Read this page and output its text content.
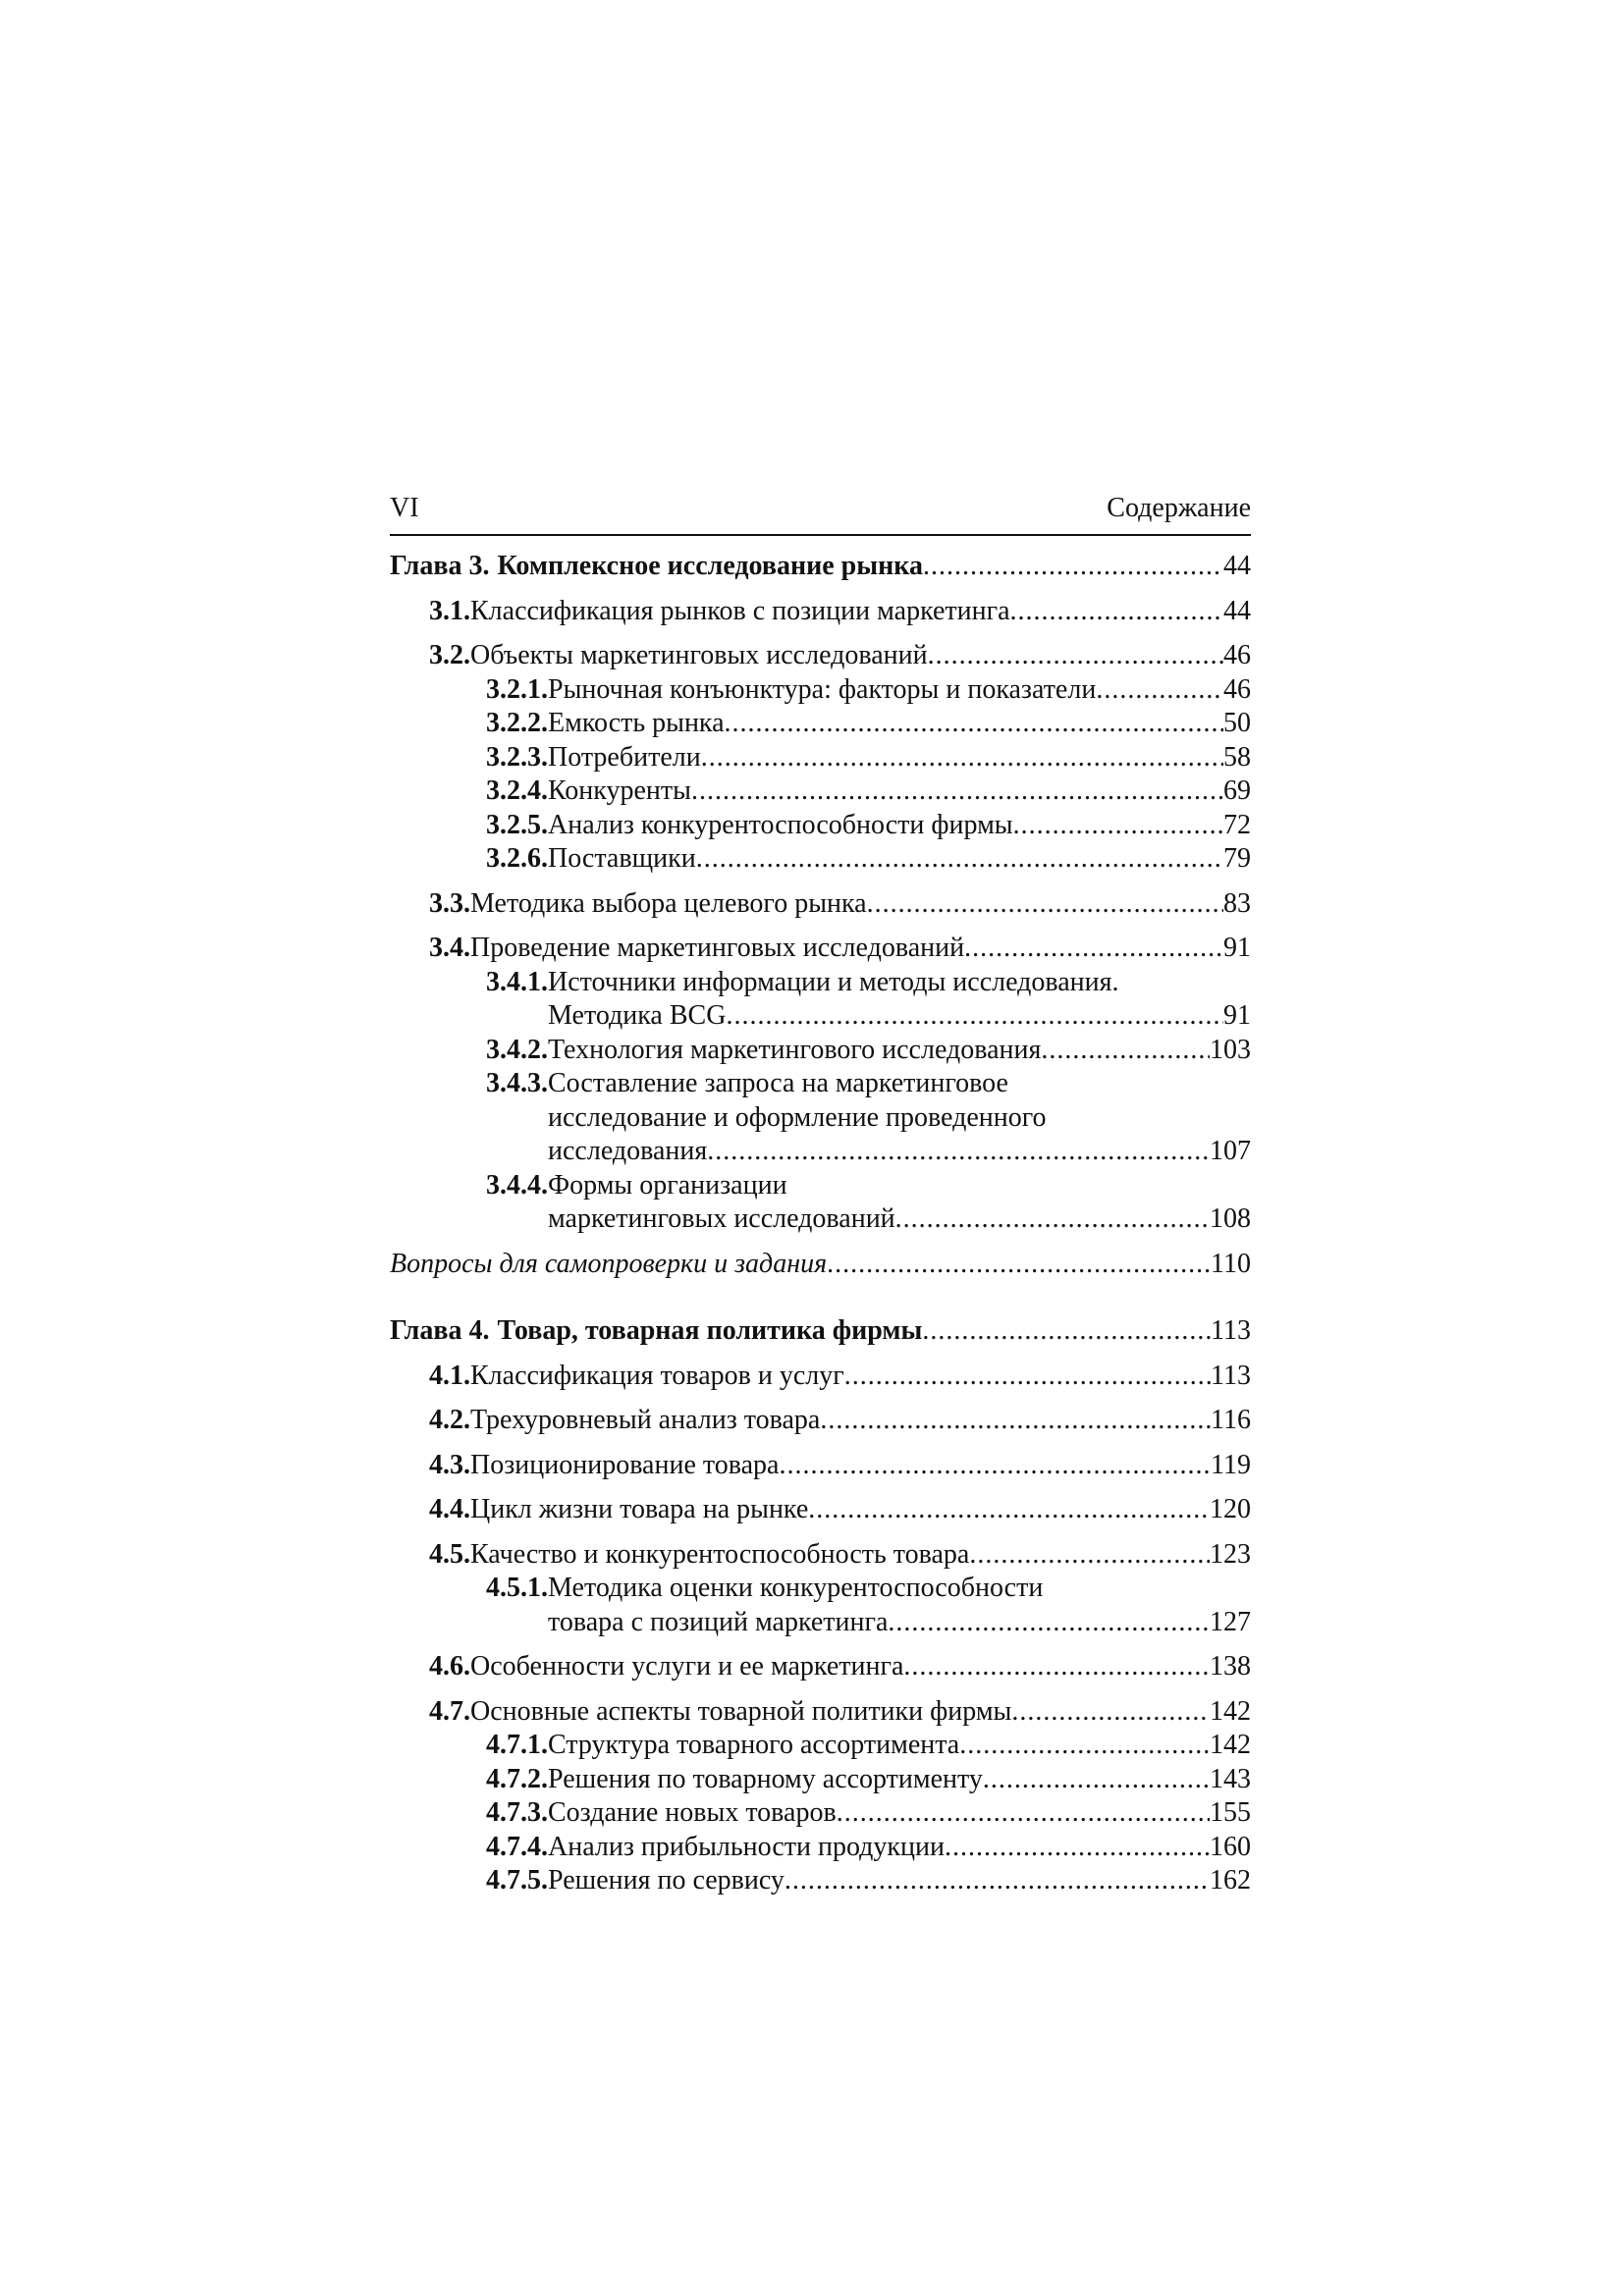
VI	Содержание
Глава 3. Комплексное исследование рынка .....	44
3.1. Классификация рынков с позиции маркетинга .....	44
3.2. Объекты маркетинговых исследований .....	46
3.2.1. Рыночная конъюнктура: факторы и показатели .....	46
3.2.2. Емкость рынка .....	50
3.2.3. Потребители .....	58
3.2.4. Конкуренты .....	69
3.2.5. Анализ конкурентоспособности фирмы .....	72
3.2.6. Поставщики .....	79
3.3. Методика выбора целевого рынка .....	83
3.4. Проведение маркетинговых исследований .....	91
3.4.1. Источники информации и методы исследования.
Методика BCG .....	91
3.4.2. Технология маркетингового исследования .....	103
3.4.3. Составление запроса на маркетинговое
исследование и оформление проведенного
исследования .....	107
3.4.4. Формы организации
маркетинговых исследований .....	108
Вопросы для самопроверки и задания .....	110
Глава 4. Товар, товарная политика фирмы .....	113
4.1. Классификация товаров и услуг .....	113
4.2. Трехуровневый анализ товара .....	116
4.3. Позиционирование товара .....	119
4.4. Цикл жизни товара на рынке .....	120
4.5. Качество и конкурентоспособность товара .....	123
4.5.1. Методика оценки конкурентоспособности
товара с позиций маркетинга .....	127
4.6. Особенности услуги и ее маркетинга .....	138
4.7. Основные аспекты товарной политики фирмы .....	142
4.7.1. Структура товарного ассортимента .....	142
4.7.2. Решения по товарному ассортименту .....	143
4.7.3. Создание новых товаров .....	155
4.7.4. Анализ прибыльности продукции .....	160
4.7.5. Решения по сервису .....	162
